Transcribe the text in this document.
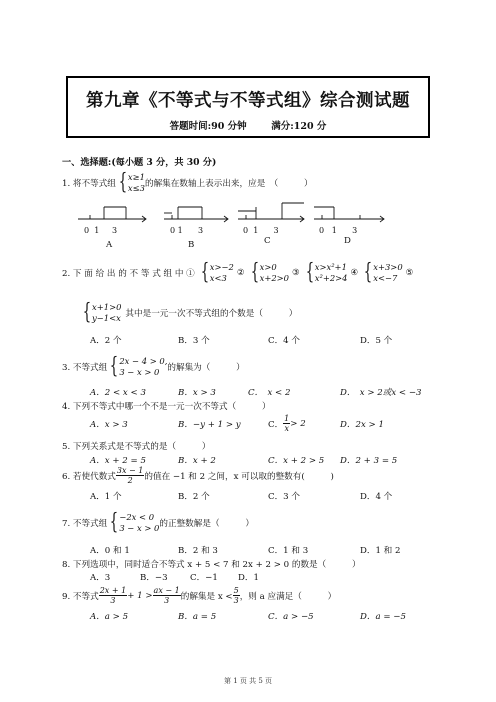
第九章《不等式与不等式组》综合测试题
答题时间:90 分钟	满分:120 分
一、选择题:(每小题 3 分，共 30 分)
1. 将不等式组 { x≥1
x≤3 的解集在数轴上表示出来，应是　（　　　）
0 1 3	0 1 3	0 1 3	0 1 3
A	B	C	D
2. 下 面 给 出 的 不 等 式 组 中 ① { x>−2
x<3	② { x>0
x+2>0 ③ { x>x²+1
x²+2>4 ④ { x+3>0
x<−7 ⑤
{ x+1>0
y−1<x 其中是一元一次不等式组的个数是（　　　）
A．2 个	B．3 个	C．4 个	D．5 个
3. 不等式组 { 2x − 4 > 0,
3 − x > 0 的解集为（　　　）
A．2 < x < 3	B．x > 3	C．　x < 2	D．　x > 2或x < −3
4. 下列不等式中哪一个不是一元一次不等式（　　　）
A．x > 3	B．−y + 1 > y	C． $\frac{1}{x} > 2$	D．2x > 1
5. 下列关系式是不等式的是（　　　）
A．x + 2 = 5	B．x + 2	C．x + 2 > 5 D．2 + 3 = 5
6. 若使代数式 $\frac{3x - 1}{2}$ 的值在 −1 和 2 之间，x 可以取的整数有(　　　)
A．1 个	B．2 个	C．3 个	D．4 个
7. 不等式组 { −2x < 0
3 − x > 0 的正整数解是（　　　）
A．0 和 1	B．2 和 3	C．1 和 3	D．1 和 2
8. 下列选项中，同时适合不等式 x + 5 < 7 和 2x + 2 > 0 的数是（　　　）
A．3	B．−3	C．−1 D．1
9. 不等式 $\frac{2x + 1}{3} + 1 > \frac{ax - 1}{3}$ 的解集是 $x < \frac{5}{3}$ ，则 a 应满足（　　　）
A．a > 5	B．a = 5	C．a > −5	D．a = −5
第 1 页 共 5 页
